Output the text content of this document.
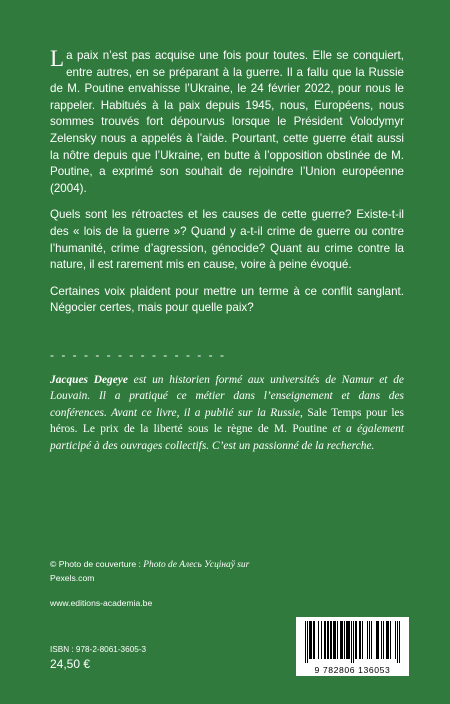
La paix n’est pas acquise une fois pour toutes. Elle se conquiert, entre autres, en se préparant à la guerre. Il a fallu que la Russie de M. Poutine envahisse l’Ukraine, le 24 février 2022, pour nous le rappeler. Habitués à la paix depuis 1945, nous, Européens, nous sommes trouvés fort dépourvus lorsque le Président Volodymyr Zelensky nous a appelés à l’aide. Pourtant, cette guerre était aussi la nôtre depuis que l’Ukraine, en butte à l’opposition obstinée de M. Poutine, a exprimé son souhait de rejoindre l’Union européenne (2004).

Quels sont les rétroactes et les causes de cette guerre? Existe-t-il des « lois de la guerre »? Quand y a-t-il crime de guerre ou contre l’humanité, crime d’agression, génocide? Quant au crime contre la nature, il est rarement mis en cause, voire à peine évoqué.

Certaines voix plaident pour mettre un terme à ce conflit sanglant. Négocier certes, mais pour quelle paix?

- - - - - - - - - - - - - - - -
Jacques Degeye est un historien formé aux universités de Namur et de Louvain. Il a pratiqué ce métier dans l’enseignement et dans des conférences. Avant ce livre, il a publié sur la Russie, Sale Temps pour les héros. Le prix de la liberté sous le règne de M. Poutine et a également participé à des ouvrages collectifs. C’est un passionné de la recherche.
© Photo de couverture : Photo de Алесь Усцінаў sur
Pexels.com
www.editions-academia.be
ISBN : 978-2-8061-3605-3
24,50 €	9 782806 136053
